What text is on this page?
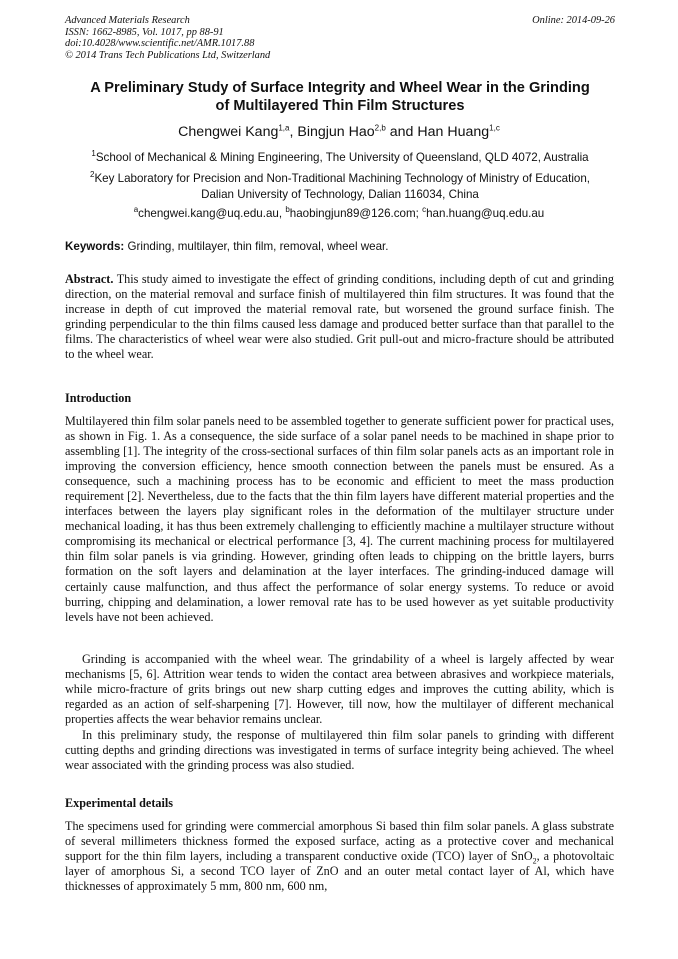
Advanced Materials Research
ISSN: 1662-8985, Vol. 1017, pp 88-91
doi:10.4028/www.scientific.net/AMR.1017.88
© 2014 Trans Tech Publications Ltd, Switzerland
Online: 2014-09-26
A Preliminary Study of Surface Integrity and Wheel Wear in the Grinding
of Multilayered Thin Film Structures
Chengwei Kang$^{1,a}$, Bingjun Hao$^{2,b}$ and Han Huang$^{1,c}$
$^1$School of Mechanical & Mining Engineering, The University of Queensland, QLD 4072, Australia
$^2$Key Laboratory for Precision and Non-Traditional Machining Technology of Ministry of Education,
Dalian University of Technology, Dalian 116034, China
$^a$chengwei.kang@uq.edu.au, $^b$haobingjun89@126.com; $^c$han.huang@uq.edu.au
Keywords: Grinding, multilayer, thin film, removal, wheel wear.

Abstract. This study aimed to investigate the effect of grinding conditions, including depth of cut and grinding direction, on the material removal and surface finish of multilayered thin film structures. It was found that the increase in depth of cut improved the material removal rate, but worsened the ground surface finish. The grinding perpendicular to the thin films caused less damage and produced better surface than that parallel to the films. The characteristics of wheel wear were also studied. Grit pull-out and micro-fracture should be attributed to the wheel wear.

Introduction

Multilayered thin film solar panels need to be assembled together to generate sufficient power for practical uses, as shown in Fig. 1. As a consequence, the side surface of a solar panel needs to be machined in shape prior to assembling [1]. The integrity of the cross-sectional surfaces of thin film solar panels acts as an important role in improving the conversion efficiency, hence smooth connection between the panels must be ensured. As a consequence, such a machining process has to be economic and efficient to meet the mass production requirement [2]. Nevertheless, due to the facts that the thin film layers have different material properties and the interfaces between the layers play significant roles in the deformation of the multilayer structure under mechanical loading, it has thus been extremely challenging to efficiently machine a multilayer structure without compromising its mechanical or electrical performance [3, 4]. The current machining process for multilayered thin film solar panels is via grinding. However, grinding often leads to chipping on the brittle layers, burrs formation on the soft layers and delamination at the layer interfaces. The grinding-induced damage will certainly cause malfunction, and thus affect the performance of solar energy systems. To reduce or avoid burring, chipping and delamination, a lower removal rate has to be used however as yet suitable productivity levels have not been achieved.

Grinding is accompanied with the wheel wear. The grindability of a wheel is largely affected by wear mechanisms [5, 6]. Attrition wear tends to widen the contact area between abrasives and workpiece materials, while micro-fracture of grits brings out new sharp cutting edges and improves the cutting ability, which is regarded as an action of self-sharpening [7]. However, till now, how the multilayer of different mechanical properties affects the wear behavior remains unclear.

In this preliminary study, the response of multilayered thin film solar panels to grinding with different cutting depths and grinding directions was investigated in terms of surface integrity being achieved. The wheel wear associated with the grinding process was also studied.

Experimental details

The specimens used for grinding were commercial amorphous Si based thin film solar panels. A glass substrate of several millimeters thickness formed the exposed surface, acting as a protective cover and mechanical support for the thin film layers, including a transparent conductive oxide (TCO) layer of SnO$_2$, a photovoltaic layer of amorphous Si, a second TCO layer of ZnO and an outer metal contact layer of Al, which have thicknesses of approximately 5 mm, 800 nm, 600 nm,
